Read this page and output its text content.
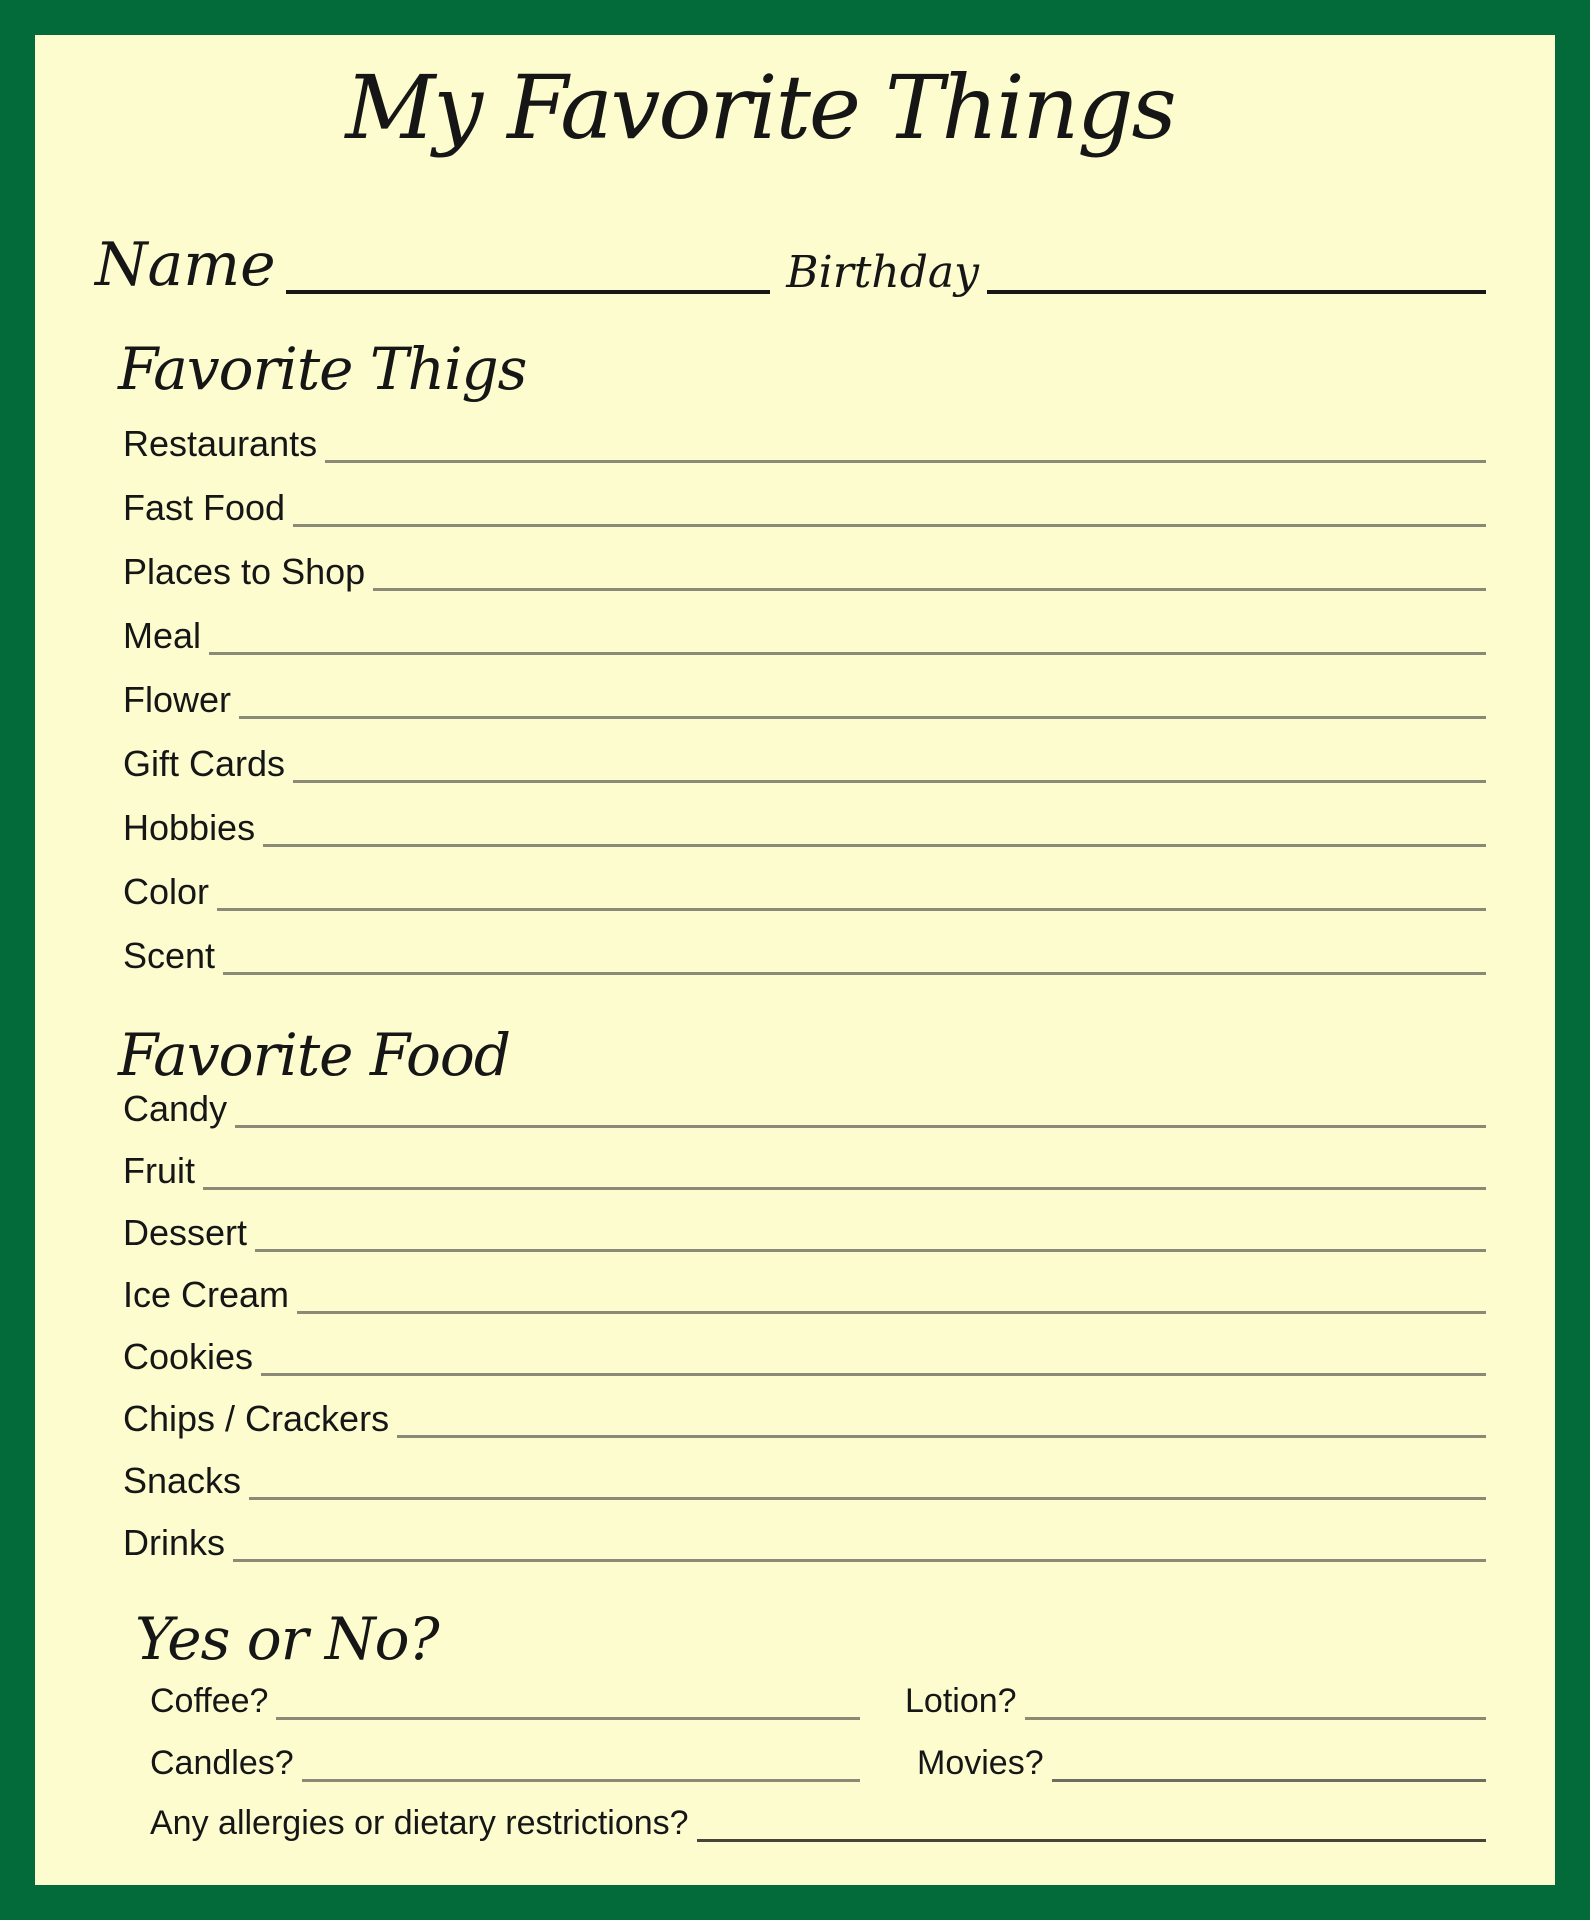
My Favorite Things
Name	Birthday
Favorite Thigs
Restaurants
Fast Food
Places to Shop
Meal
Flower
Gift Cards
Hobbies
Color
Scent
Favorite Food
Candy
Fruit
Dessert
Ice Cream
Cookies
Chips / Crackers
Snacks
Drinks
Yes or No?
Coffee?	Lotion?
Candles?	Movies?
Any allergies or dietary restrictions?
